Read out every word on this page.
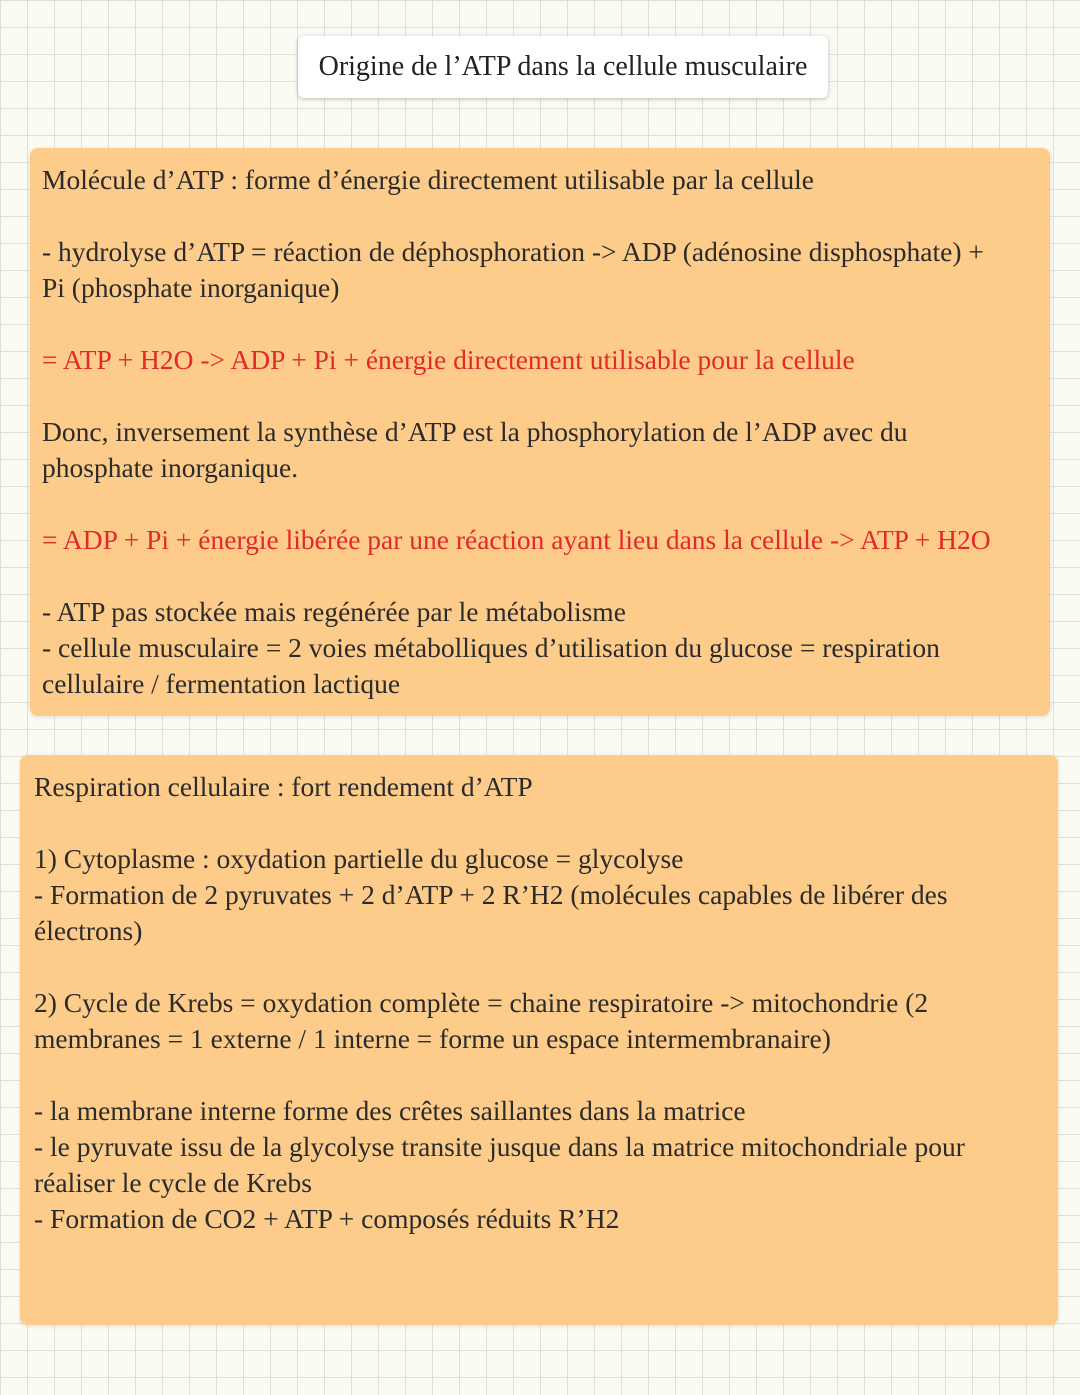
Origine de l’ATP dans la cellule musculaire

Molécule d’ATP : forme d’énergie directement utilisable par la cellule

- hydrolyse d’ATP = réaction de déphosphoration -> ADP (adénosine disphosphate) +

Pi (phosphate inorganique)

= ATP + H2O -> ADP + Pi + énergie directement utilisable pour la cellule

Donc, inversement la synthèse d’ATP est la phosphorylation de l’ADP avec du

phosphate inorganique.

= ADP + Pi + énergie libérée par une réaction ayant lieu dans la cellule -> ATP + H2O

- ATP pas stockée mais regénérée par le métabolisme

- cellule musculaire = 2 voies métabolliques d’utilisation du glucose = respiration

cellulaire / fermentation lactique

Respiration cellulaire : fort rendement d’ATP

1) Cytoplasme : oxydation partielle du glucose = glycolyse

- Formation de 2 pyruvates + 2 d’ATP + 2 R’H2 (molécules capables de libérer des

électrons)

2) Cycle de Krebs = oxydation complète = chaine respiratoire -> mitochondrie (2

membranes = 1 externe / 1 interne = forme un espace intermembranaire)

- la membrane interne forme des crêtes saillantes dans la matrice

- le pyruvate issu de la glycolyse transite jusque dans la matrice mitochondriale pour

réaliser le cycle de Krebs

- Formation de CO2 + ATP + composés réduits R’H2
